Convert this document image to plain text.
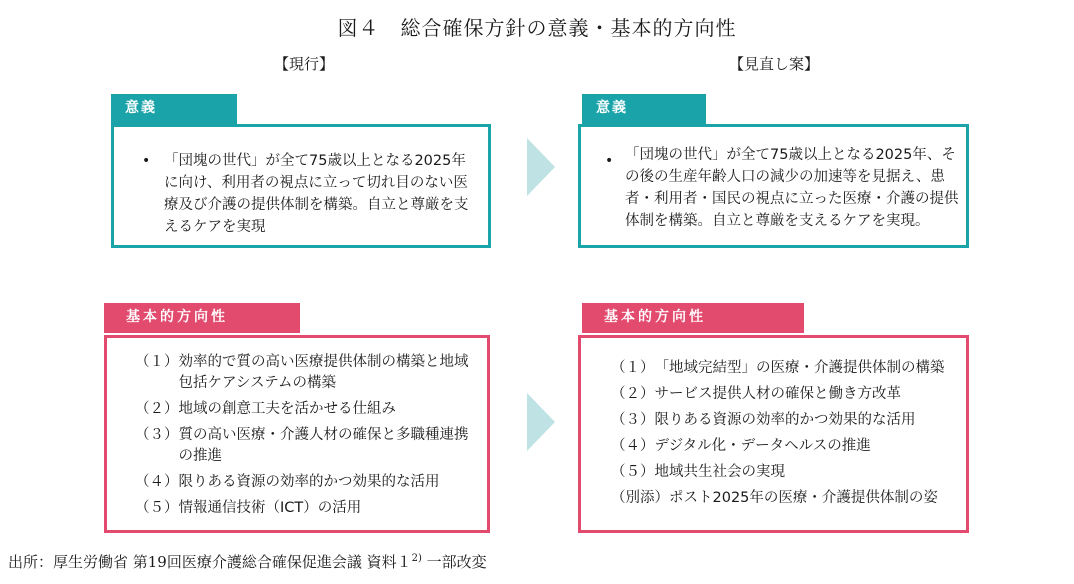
図４　総合確保方針の意義・基本的方向性
【現行】	【見直し案】
• 「団塊の世代」が全て75歳以上となる2025年に向け、利用者の視点に立って切れ目のない医療及び介護の提供体制を構築。自立と尊厳を支えるケアを実現
意義
• 「団塊の世代」が全て75歳以上となる2025年、その後の生産年齢人口の減少の加速等を見据え、患者・利用者・国民の視点に立った医療・介護の提供体制を構築。自立と尊厳を支えるケアを実現。
意義
（１） 効率的で質の高い医療提供体制の構築と地域包括ケアシステムの構築
（２） 地域の創意工夫を活かせる仕組み
（３） 質の高い医療・介護人材の確保と多職種連携の推進
（４） 限りある資源の効率的かつ効果的な活用
（５） 情報通信技術（ICT）の活用
基本的方向性
（１） 「地域完結型」の医療・介護提供体制の構築
（２） サービス提供人材の確保と働き方改革
（３） 限りある資源の効率的かつ効果的な活用
（４） デジタル化・データヘルスの推進
（５） 地域共生社会の実現
（別添） ポスト2025年の医療・介護提供体制の姿
基本的方向性
出所：厚生労働省 第19回医療介護総合確保促進会議 資料１$^{2)}$ 一部改変
